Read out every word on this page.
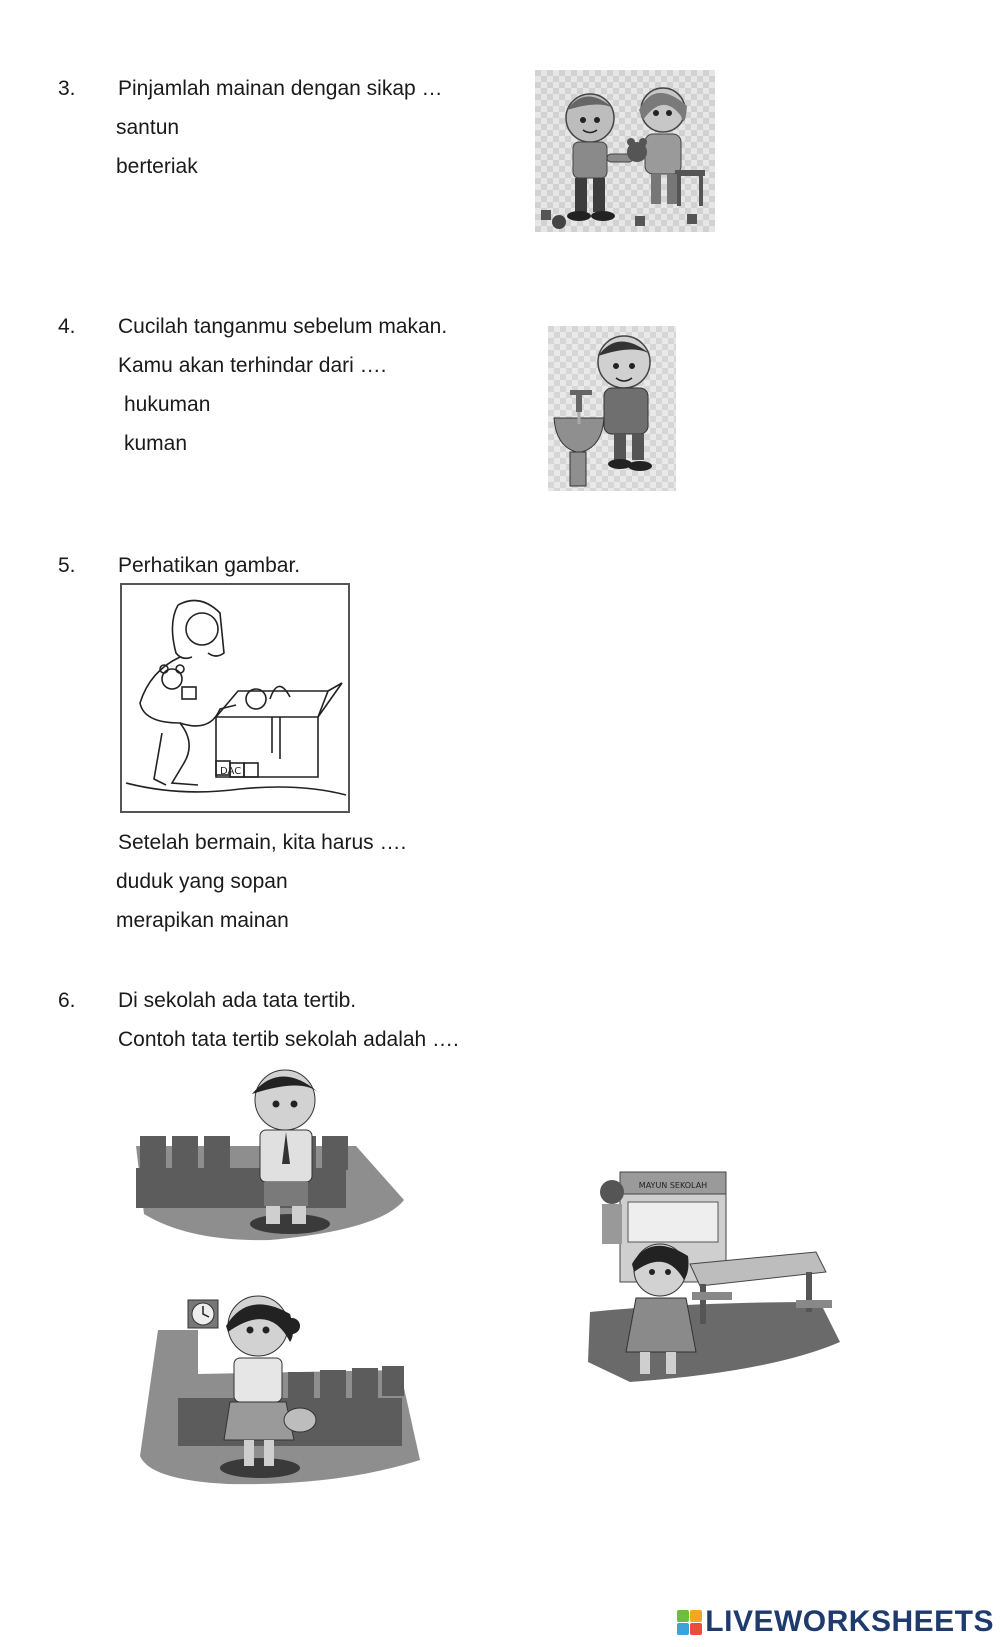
3. Pinjamlah mainan dengan sikap …
santun
berteriak
4. Cucilah tanganmu sebelum makan.
Kamu akan terhindar dari ….
hukuman
kuman
5. Perhatikan gambar.
DAC
Setelah bermain, kita harus ….
duduk yang sopan
merapikan mainan
6. Di sekolah ada tata tertib.
Contoh tata tertib sekolah adalah ….
MAYUN SEKOLAH
LIVEWORKSHEETS
